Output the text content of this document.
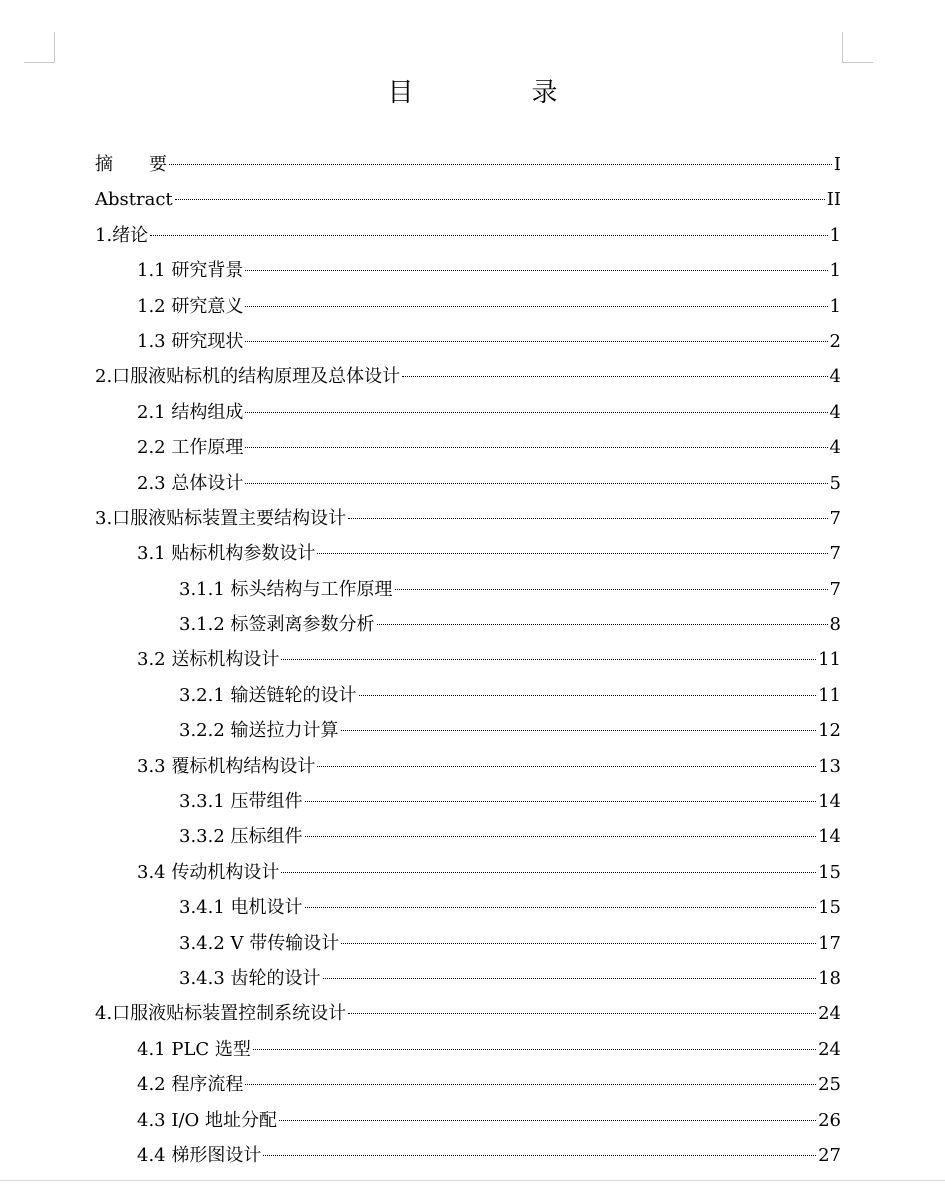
目　录
摘　　要	I
Abstract	II
1.绪论	1
1.1 研究背景	1
1.2 研究意义	1
1.3 研究现状	2
2.口服液贴标机的结构原理及总体设计	4
2.1 结构组成	4
2.2 工作原理	4
2.3 总体设计	5
3.口服液贴标装置主要结构设计	7
3.1 贴标机构参数设计	7
3.1.1 标头结构与工作原理	7
3.1.2 标签剥离参数分析	8
3.2 送标机构设计	11
3.2.1 输送链轮的设计	11
3.2.2 输送拉力计算	12
3.3 覆标机构结构设计	13
3.3.1 压带组件	14
3.3.2 压标组件	14
3.4 传动机构设计	15
3.4.1 电机设计	15
3.4.2 V 带传输设计	17
3.4.3 齿轮的设计	18
4.口服液贴标装置控制系统设计	24
4.1 PLC 选型	24
4.2 程序流程	25
4.3 I/O 地址分配	26
4.4 梯形图设计	27
